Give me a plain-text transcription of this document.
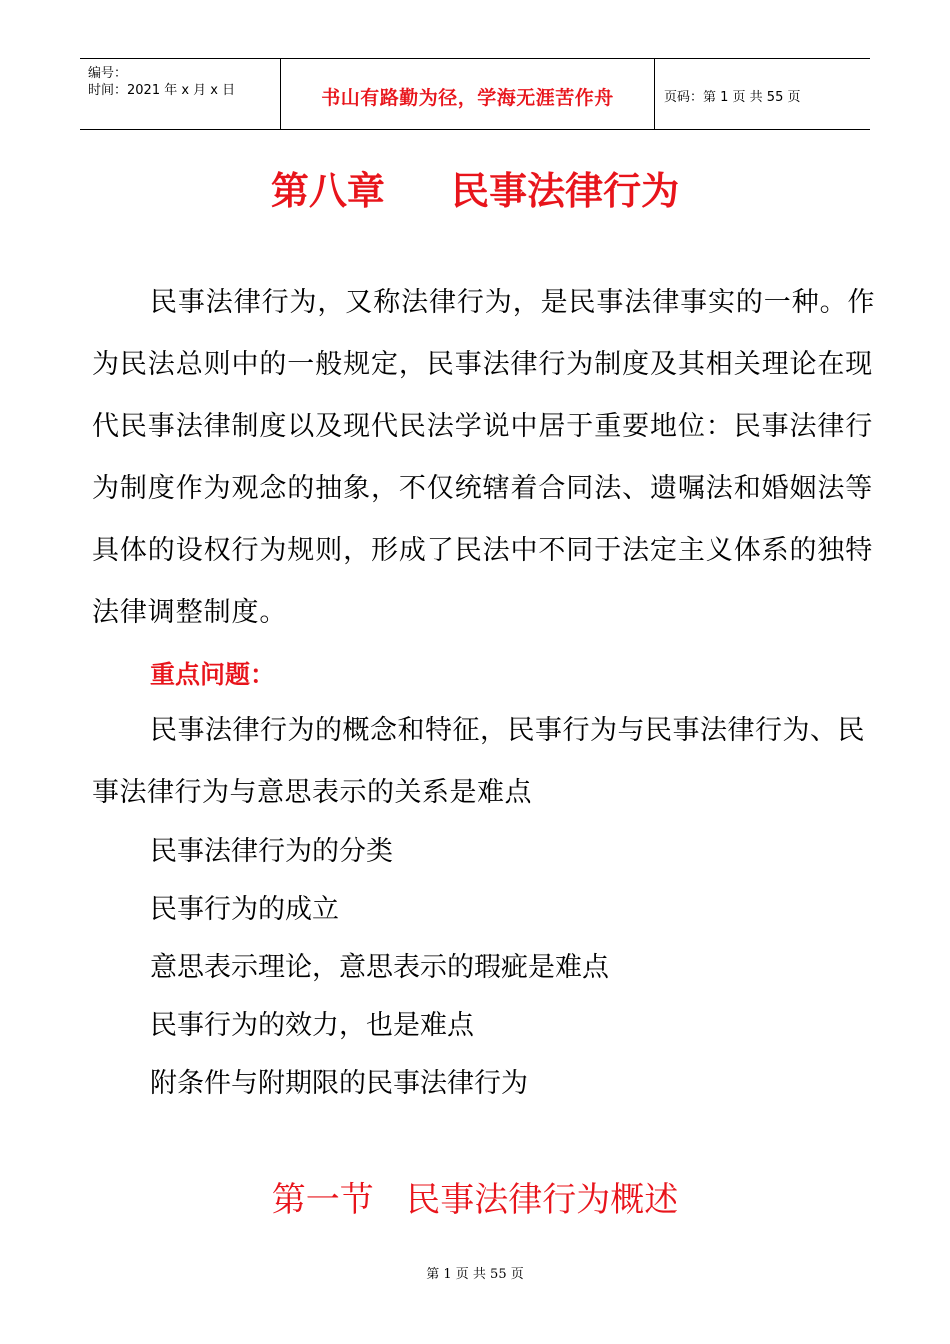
编号：
时间：2021 年 x 月 x 日	书山有路勤为径，学海无涯苦作舟	页码：第 1 页 共 55 页
第八章     民事法律行为
民事法律行为，又称法律行为，是民事法律事实的一种。作为民法总则中的一般规定，民事法律行为制度及其相关理论在现代民事法律制度以及现代民法学说中居于重要地位：民事法律行为制度作为观念的抽象，不仅统辖着合同法、遗嘱法和婚姻法等具体的设权行为规则，形成了民法中不同于法定主义体系的独特法律调整制度。
重点问题：
民事法律行为的概念和特征，民事行为与民事法律行为、民事法律行为与意思表示的关系是难点
民事法律行为的分类
民事行为的成立
意思表示理论，意思表示的瑕疵是难点
民事行为的效力，也是难点
附条件与附期限的民事法律行为
第一节   民事法律行为概述
第 1 页 共 55 页
